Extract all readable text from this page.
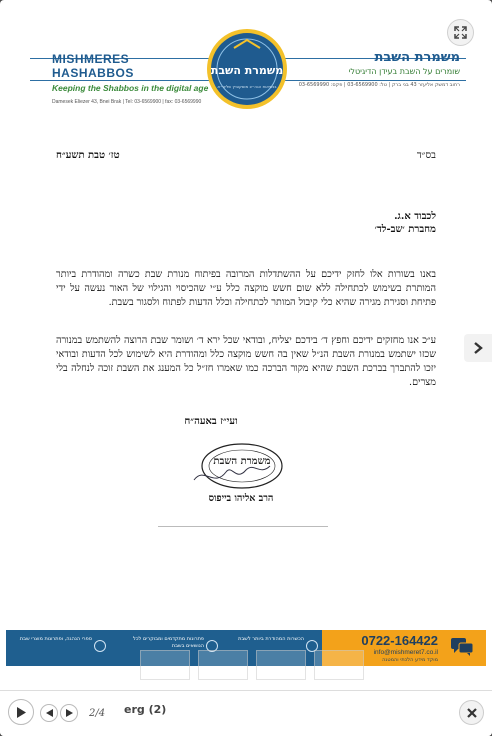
MISHMERES HASHABBOS
Keeping the Shabbos in the digital age
Damesek Eliezer 43, Bnei Brak | Tel: 03-6569900 | fax: 03-6569990
משמרת השבת
בנשיאות הגה״צ מוסקוביץ שליט״א
משמרת השבת
שומרים על השבת בעידן הדיגיטלי
רחוב דמשק אליעזר 43 בני ברק | טל: 03-6569900 | פקס: 03-6569990
בס״ד
טז׳ טבת תשע״ח
לכבוד א.ג.
מחברת ׳שב-לד׳

באנו בשורות אלו לחזק ידיכם על ההשתדלות המרובה בפיתוח מנורת שבת כשרה ומהודרת ביותר המותרת בשימוש לכתחילה ללא שום חשש מוקצה כלל ע״י שהכיסוי והגילוי של האור נעשה על ידי פתיחת וסגירת מגירה שהיא כלי קיבול המותר לכתחילה וכלל הדעות לפתוח ולסגור בשבת.

ע״כ אנו מחזקים ידיכם וחפץ ד׳ בידכם יצליח, ובודאי שכל ירא ד׳ ושומר שבת הרוצה להשתמש במנורה שכזו ישתמש במנורת השבת הנ״ל שאין בה חשש מוקצה כלל ומהודרת היא לשימוש לכל הדעות ובודאי יזכו להתברך בברכת השבת שהיא מקור הברכה כמו שאמרו חז״ל כל המענג את השבת זוכה לנחלה בלי מצרים.

ועי״ז באעה״ח
משמרת השבת
הרב אליהו בייפוס
ספרי הנהגה, ופתרונות מוצרי שבת	פתרונות מתקדמים ומבוקרים לכל הנושאים בשבת
הכשרות המהודרת ביותר לשבת	0722-164422
info@mishmeret7.co.il
מוקד מידע הלכתי והמטנה
2/4 erg (2)
